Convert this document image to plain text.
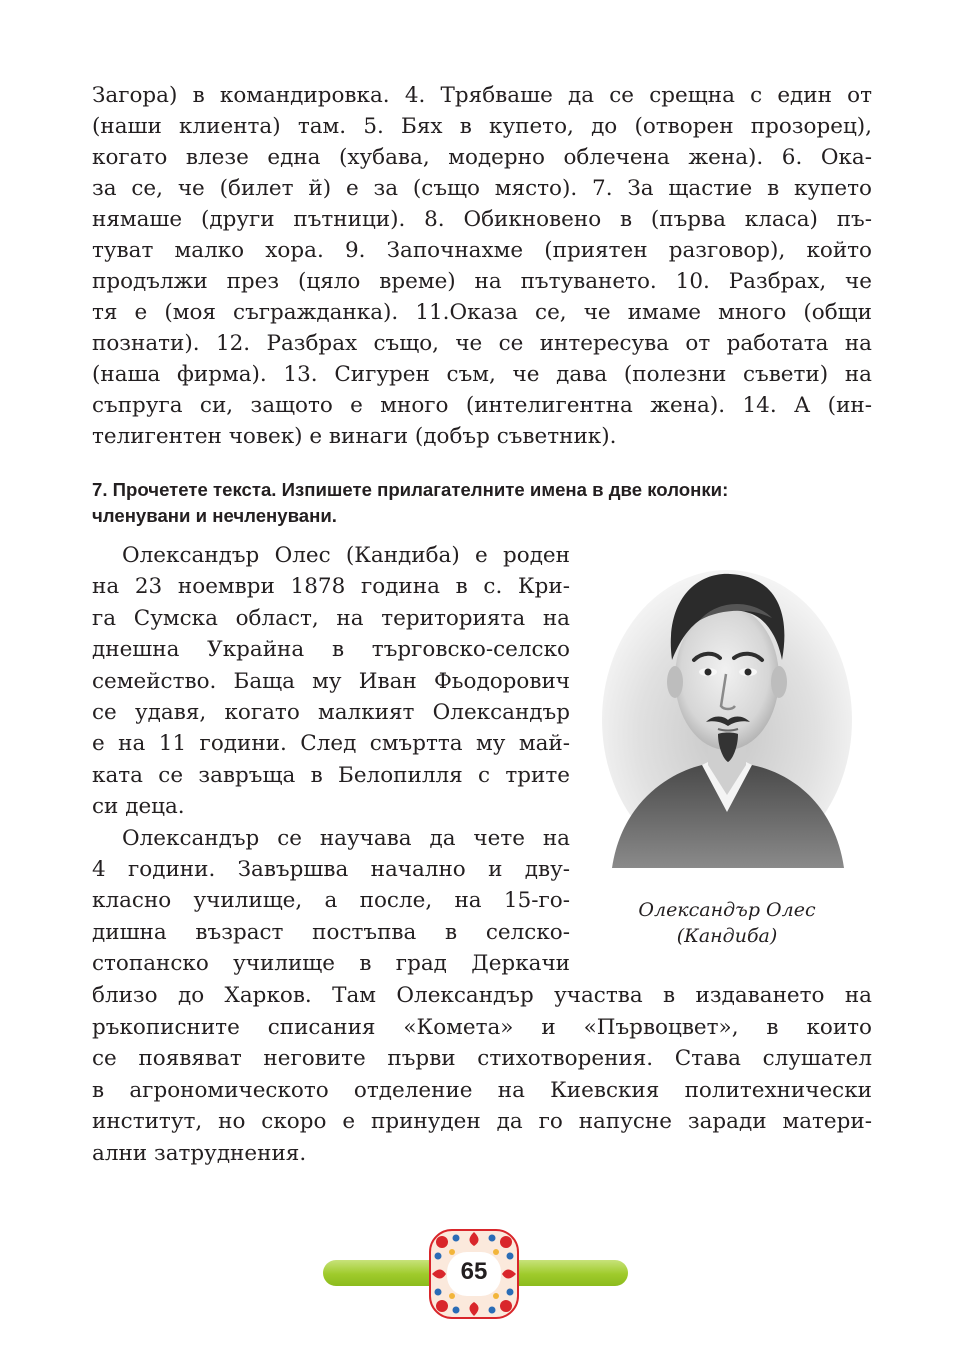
Загора) в командировка. 4. Трябваше да се срещна с един от
(наши клиента) там. 5. Бях в купето, до (отворен прозорец),
когато влезе една (хубава, модерно облечена жена). 6. Ока-
за се, че (билет й) е за (също място). 7. За щастие в купето
нямаше (други пътници). 8. Обикновено в (първа класа) пъ-
туват малко хора. 9. Започнахме (приятен разговор), който
продължи през (цяло време) на пътуването. 10. Разбрах, че
тя е (моя съгражданка). 11.Оказа се, че имаме много (общи
познати). 12. Разбрах също, че се интересува от работата на
(наша фирма). 13. Сигурен съм, че дава (полезни съвети) на
съпруга си, защото е много (интелигентна жена). 14. А (ин-
телигентен човек) е винаги (добър съветник).
7. Прочетете текста. Изпишете прилагателните имена в две колонки:
членувани и нечленувани.
Олександър Олес (Кандиба) е роден
на 23 ноември 1878 година в с. Кри-
га Сумска област, на територията на
днешна Украйна в търговско-селско
семейство. Баща му Иван Фьодорович
се удавя, когато малкият Олександър
е на 11 години. След смъртта му май-
ката се завръща в Белопилля с трите
си деца.
Олександър се научава да чете на
4 години. Завършва начално и дву-
класно училище, а после, на 15-го-
дишна възраст постъпва в селско-
стопанско училище в град Деркачи
Олександър Олес
(Кандиба)
близо до Харков. Там Олександър участва в издаването на
ръкописните списания «Комета» и «Първоцвет», в които
се появяват неговите първи стихотворения. Става слушател
в агрономическото отделение на Киевския политехнически
институт, но скоро е принуден да го напусне заради матери-
ални затруднения.
65
